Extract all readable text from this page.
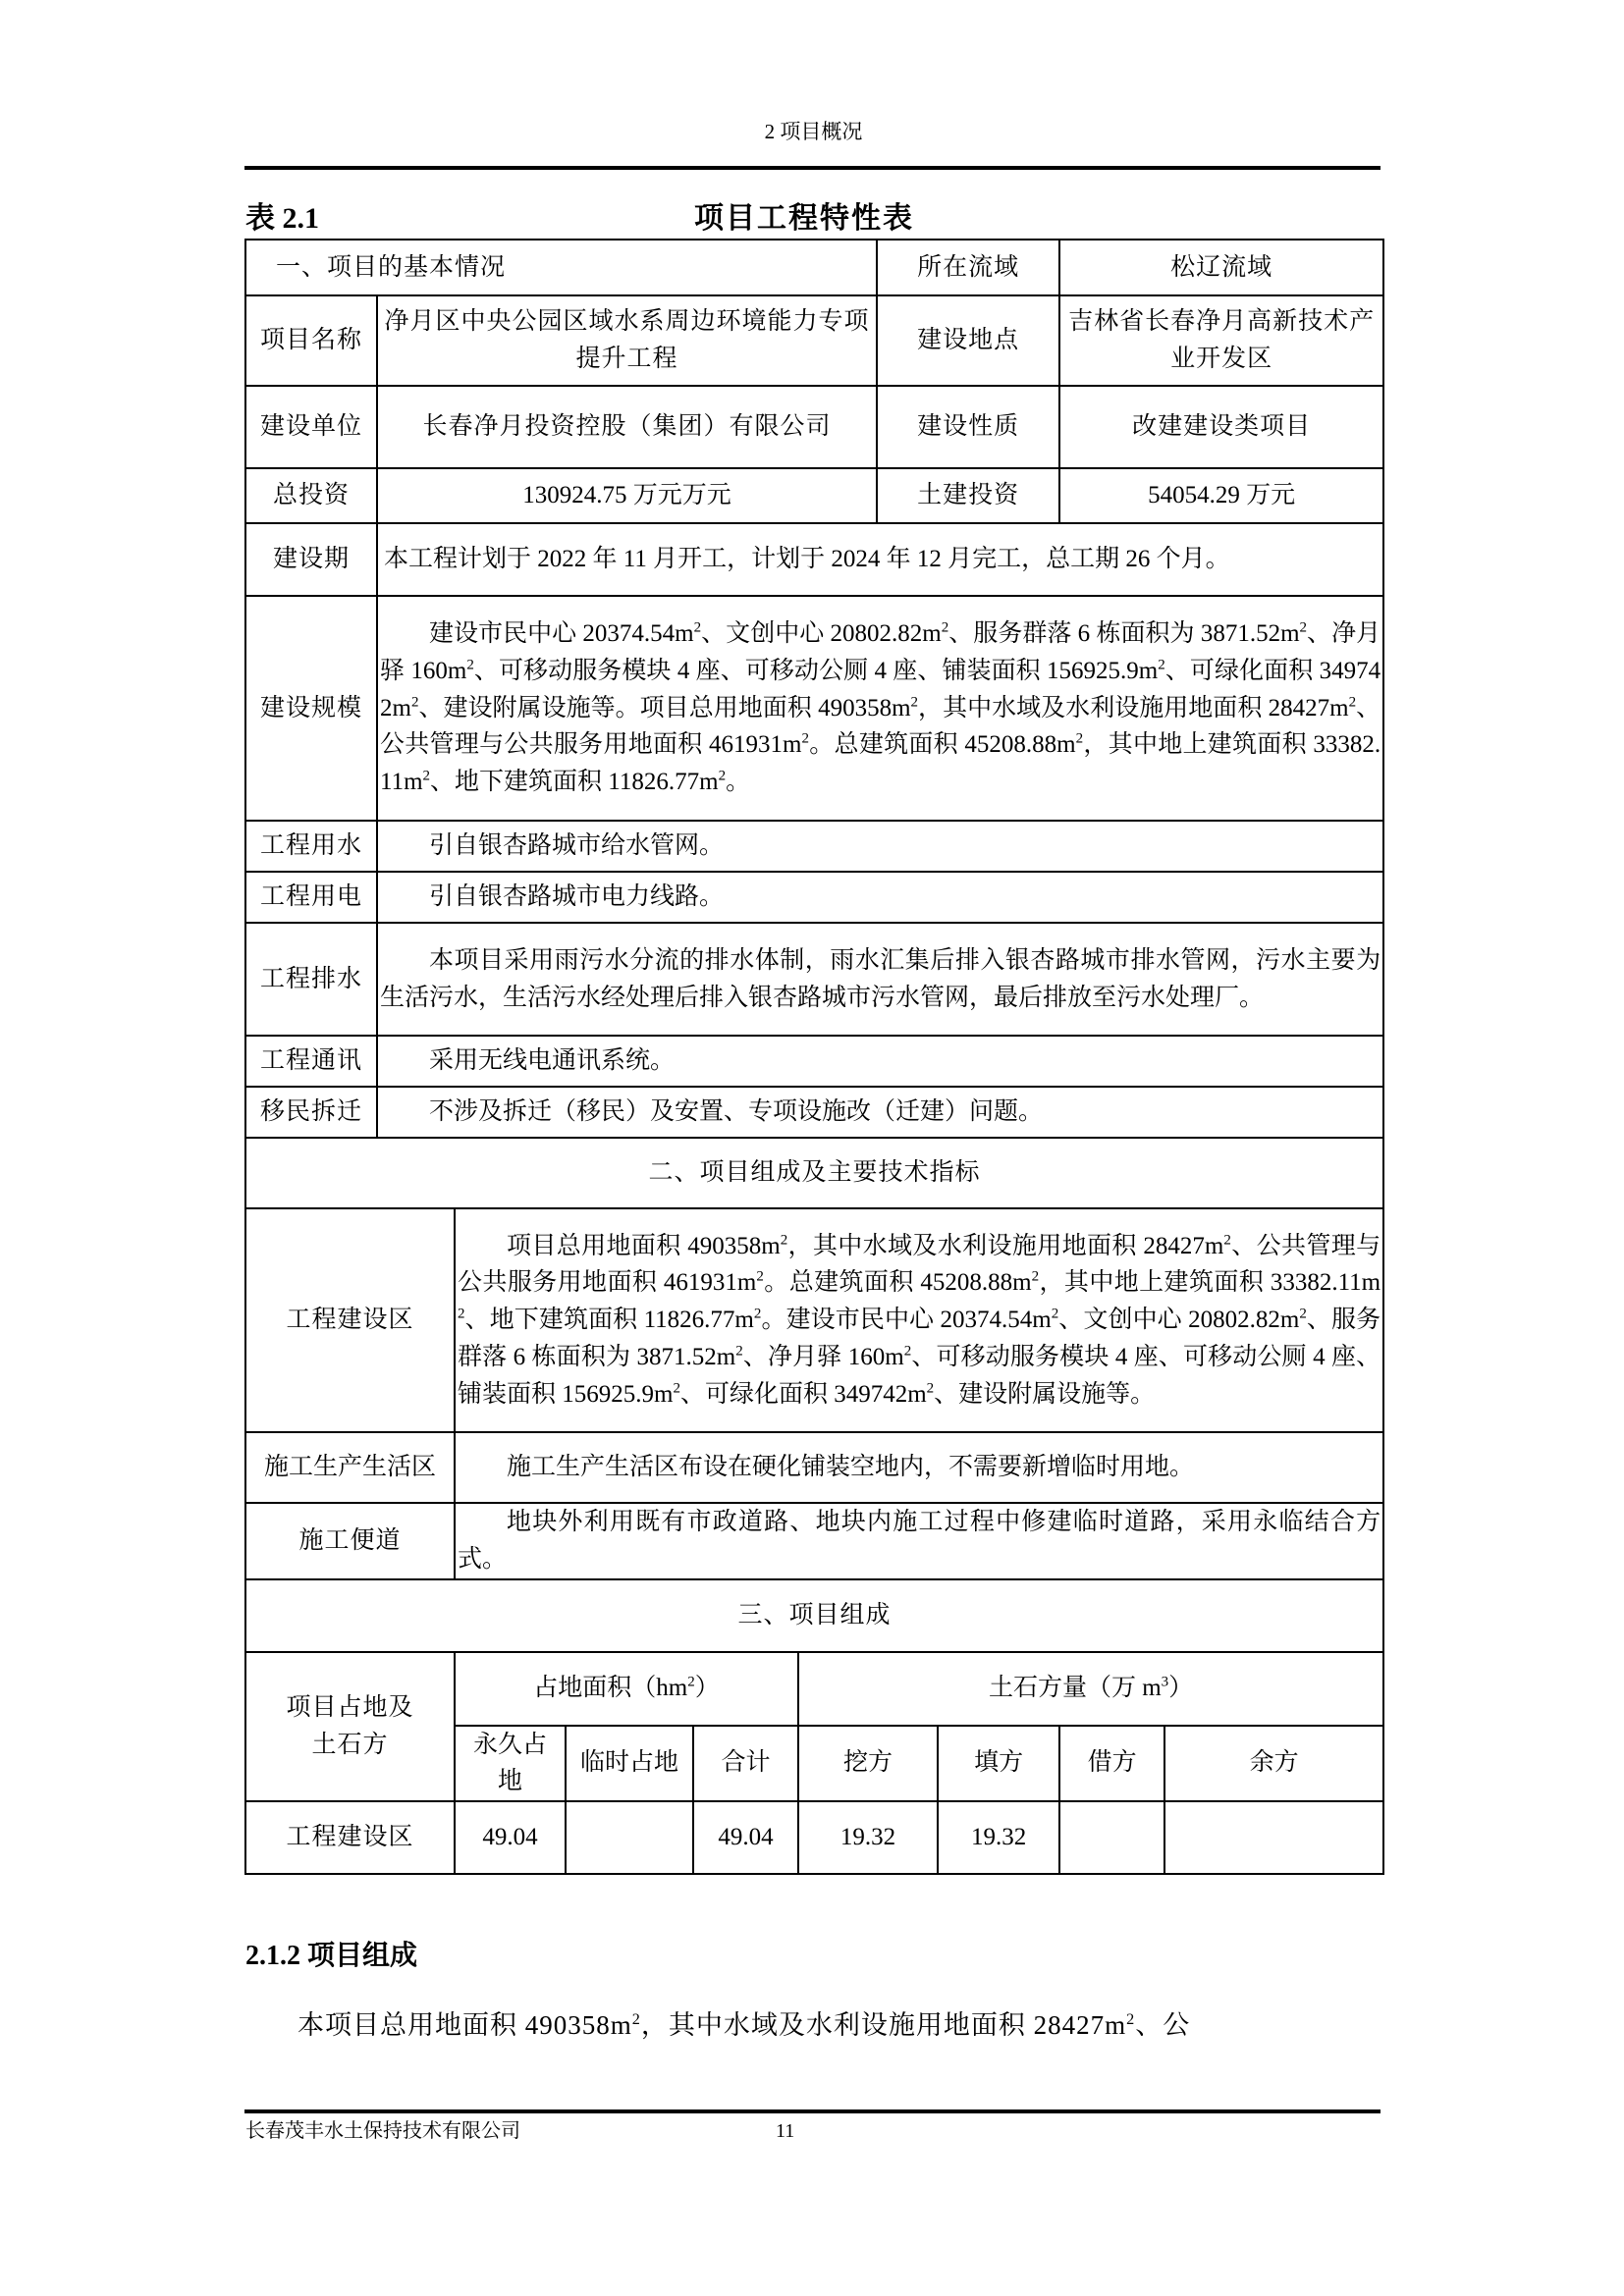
2 项目概况
表 2.1	项目工程特性表
一、项目的基本情况						所在流域		松辽流域	
项目名称	净月区中央公园区域水系周边环境能力专项提升工程					建设地点		吉林省长春净月高新技术产业开发区	
建设单位	长春净月投资控股（集团）有限公司					建设性质		改建建设类项目	
总投资	130924.75 万元万元					土建投资		54054.29 万元	
建设期	本工程计划于 2022 年 11 月开工，计划于 2024 年 12 月完工，总工期 26 个月。								
建设规模	建设市民中心 $20374.54m^2$、文创中心 $20802.82m^2$、服务群落 6 栋面积为 $3871.52m^2$、净月驿 $160m^2$、可移动服务模块 4 座、可移动公厕 4 座、铺装面积 $156925.9m^2$、可绿化面积 $349742m^2$、建设附属设施等。项目总用地面积 $490358m^2$，其中水域及水利设施用地面积 $28427m^2$、公共管理与公共服务用地面积 $461931m^2$。总建筑面积 $45208.88m^2$，其中地上建筑面积 $33382.11m^2$、地下建筑面积 $11826.77m^2$。								
工程用水	引自银杏路城市给水管网。								
工程用电	引自银杏路城市电力线路。								
工程排水	本项目采用雨污水分流的排水体制，雨水汇集后排入银杏路城市排水管网，污水主要为生活污水，生活污水经处理后排入银杏路城市污水管网，最后排放至污水处理厂。								
工程通讯	采用无线电通讯系统。								
移民拆迁	不涉及拆迁（移民）及安置、专项设施改（迁建）问题。								
二、项目组成及主要技术指标									
工程建设区		项目总用地面积 $490358m^2$，其中水域及水利设施用地面积 $28427m^2$、公共管理与公共服务用地面积 $461931m^2$。总建筑面积 $45208.88m^2$，其中地上建筑面积 $33382.11m^2$、地下建筑面积 $11826.77m^2$。建设市民中心 $20374.54m^2$、文创中心 $20802.82m^2$、服务群落 6 栋面积为 $3871.52m^2$、净月驿 $160m^2$、可移动服务模块 4 座、可移动公厕 4 座、铺装面积 $156925.9m^2$、可绿化面积 $349742m^2$、建设附属设施等。							
施工生产生活区		施工生产生活区布设在硬化铺装空地内，不需要新增临时用地。							
施工便道		地块外利用既有市政道路、地块内施工过程中修建临时道路，采用永临结合方式。							
三、项目组成									
项目占地及土石方		占地面积$(hm^2)$			土石方量（万 $m^3$）				
		永久占地	临时占地	合计	挖方		填方	借方	余方
工程建设区		49.04		49.04	19.32		19.32		
2.1.2 项目组成
本项目总用地面积 $490358m^2$，其中水域及水利设施用地面积 $28427m^2$、公
长春茂丰水土保持技术有限公司	11
